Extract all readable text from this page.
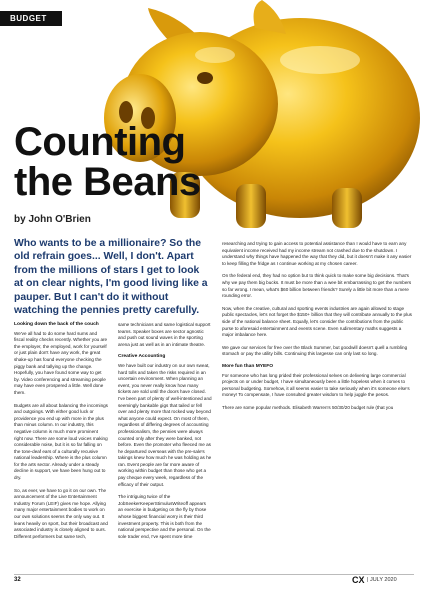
BUDGET
Counting
the Beans
by John O'Brien
Who wants to be a millionaire? So the old refrain goes... Well, I don't. Apart from the millions of stars I get to look at on clear nights, I'm good living like a pauper. But I can't do it without watching the pennies pretty carefully.
Looking down the back of the couch

We've all had to do some hard sums and fiscal reality checks recently. Whether you are the employer, the employed, work for yourself or just plain don't have any work, the great shake-up has found everyone checking the piggy bank and tallying up the change. Hopefully, you have found some way to get by. Video conferencing and streaming people may have even prospered a little. Well done them.

Budgets are all about balancing the incomings and outgoings. With either good luck or providence you end up with more in the plus than minus column. In our industry, this negative column is much more prominent right now. There are some loud voices making considerable noise, but it is so far falling on the tone-deaf ears of a culturally recusive national leadership. Where is the plus column for the arts sector. Already under a steady decline in support, we have been hung out to dry.

So, as ever, we have to go it on our own. The announcement of the Live Entertainment Industry Forum (LEIF) gives me hope. Allying many major entertainment bodies to work on our own solutions seems the only way out. It leans heavily on sport, but their broadcast and associated industry is closely aligned to ours. Different performers but same tech,

same technicians and same logistical support teams. Speaker boxes are sector agnostic and push out sound waves in the sporting arena just as well as in an intimate theatre.

Creative Accounting

We have built our industry on our own sweat, hard tolls and taken the risks required in an uncertain environment. When planning an event, you never really know how many tickets are sold until the doors have closed. I've been part of plenty of well-intentioned and seemingly bankable gigs that tailed or fell over and plenty more that rocked way beyond what anyone could expect. On most of them, regardless of differing degrees of accounting professionalism, the pennies were always counted only after they were banked, not before. Even the promoter who fleeced me as he departured overseas with the pre-sale's takings knew how much he was holding as he ran. Event people are far more aware of working within budget than those who get a pay cheque every week, regardless of the efficacy of their output.

The intriguing twice of the JobSeekerKeeperStimulusWriteoff appears an exercise in budgeting on the fly by those whose biggest financial worry is their third investment property. This is both from the national perspective and the personal. On the sole trader end, I've spent more time

researching and trying to gain access to potential assistance than I would have to earn any equivalent income received had my income stream not crashed due to the shutdown. I understand why things have happened the way that they did, but it doesn't make it any easier to keep filling the fridge as I continue working at my chosen career.

On the federal end, they had no option but to think quick to make some big decisions. That's why we pay them big bucks. It must be more than a wee bit embarrassing to get the numbers so far wrong. I mean, what's $60 billion between friends? Surely a little bit more than a mere rounding error.

Now, when the creative, cultural and sporting events industries are again allowed to stage public spectacles, let's not forget the $150+ billion that they will contribute annually to the plus side of the national balance sheet. Equally, let's consider the contributions from the public purse to aforesaid entertainment and events scene. Even rudimentary maths suggests a major imbalance here.

We gave our services for free over the Black Summer, but goodwill doesn't quell a rumbling stomach or pay the utility bills. Continuing this largesse can only last so long.

More fun than MYEFO

For someone who has long prided their professional selves on delivering large commercial projects on or under budget, I have simultaneously been a little hopeless when it comes to personal budgeting. Somehow, it all seems easier to take seriously when it's someone else's money! To compensate, I have consulted greater wisdom to help juggle the pesos.

There are some popular methods. Elisabeth Warren's 50/30/20 budget rule (that you

32	CX | JULY 2020
